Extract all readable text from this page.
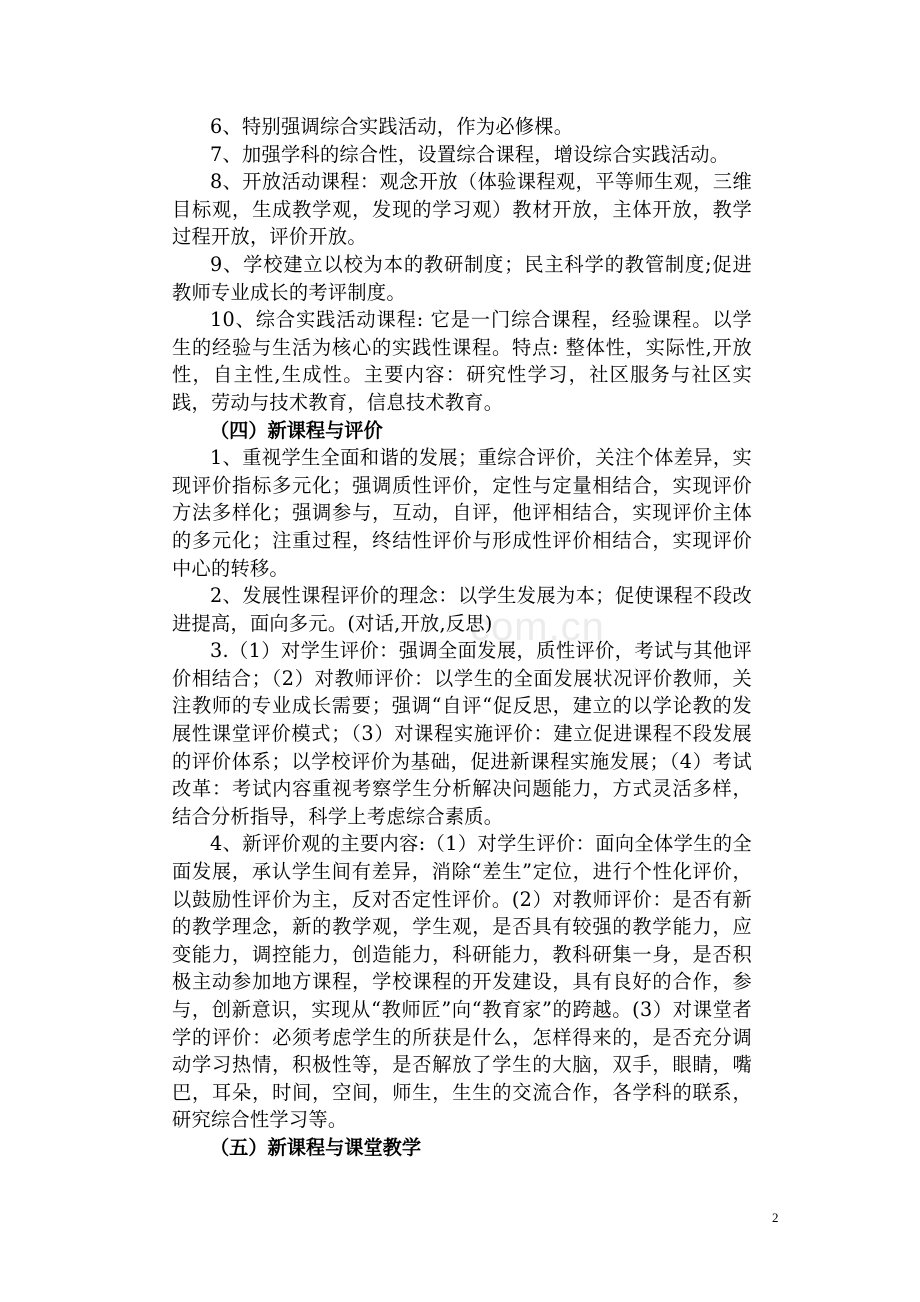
com.cn

6、特别强调综合实践活动，作为必修棵。

7、加强学科的综合性，设置综合课程，增设综合实践活动。

8、开放活动课程：观念开放（体验课程观，平等师生观，三维目标观，生成教学观，发现的学习观）教材开放，主体开放，教学过程开放，评价开放。

9、学校建立以校为本的教研制度；民主科学的教管制度;促进教师专业成长的考评制度。

10、综合实践活动课程: 它是一门综合课程，经验课程。以学生的经验与生活为核心的实践性课程。特点: 整体性，实际性,开放性，自主性,生成性。主要内容：研究性学习，社区服务与社区实践，劳动与技术教育，信息技术教育。

（四）新课程与评价

1、重视学生全面和谐的发展；重综合评价，关注个体差异，实现评价指标多元化；强调质性评价，定性与定量相结合，实现评价方法多样化；强调参与，互动，自评，他评相结合，实现评价主体的多元化；注重过程，终结性评价与形成性评价相结合，实现评价中心的转移。

2、发展性课程评价的理念：以学生发展为本；促使课程不段改进提高，面向多元。(对话,开放,反思)

3.（1）对学生评价：强调全面发展，质性评价，考试与其他评价相结合；（2）对教师评价：以学生的全面发展状况评价教师，关注教师的专业成长需要；强调“自评“促反思，建立的以学论教的发展性课堂评价模式；（3）对课程实施评价：建立促进课程不段发展的评价体系；以学校评价为基础，促进新课程实施发展；（4）考试改革：考试内容重视考察学生分析解决问题能力，方式灵活多样，结合分析指导，科学上考虑综合素质。

4、新评价观的主要内容:（1）对学生评价：面向全体学生的全面发展，承认学生间有差异，消除“差生”定位，进行个性化评价，以鼓励性评价为主，反对否定性评价。(2）对教师评价：是否有新的教学理念，新的教学观，学生观，是否具有较强的教学能力，应变能力，调控能力，创造能力，科研能力，教科研集一身，是否积极主动参加地方课程，学校课程的开发建设，具有良好的合作，参与，创新意识，实现从“教师匠”向“教育家”的跨越。(3）对课堂者学的评价：必须考虑学生的所获是什么，怎样得来的，是否充分调动学习热情，积极性等，是否解放了学生的大脑，双手，眼睛，嘴巴，耳朵，时间，空间，师生，生生的交流合作，各学科的联系，研究综合性学习等。

（五）新课程与课堂教学

2
